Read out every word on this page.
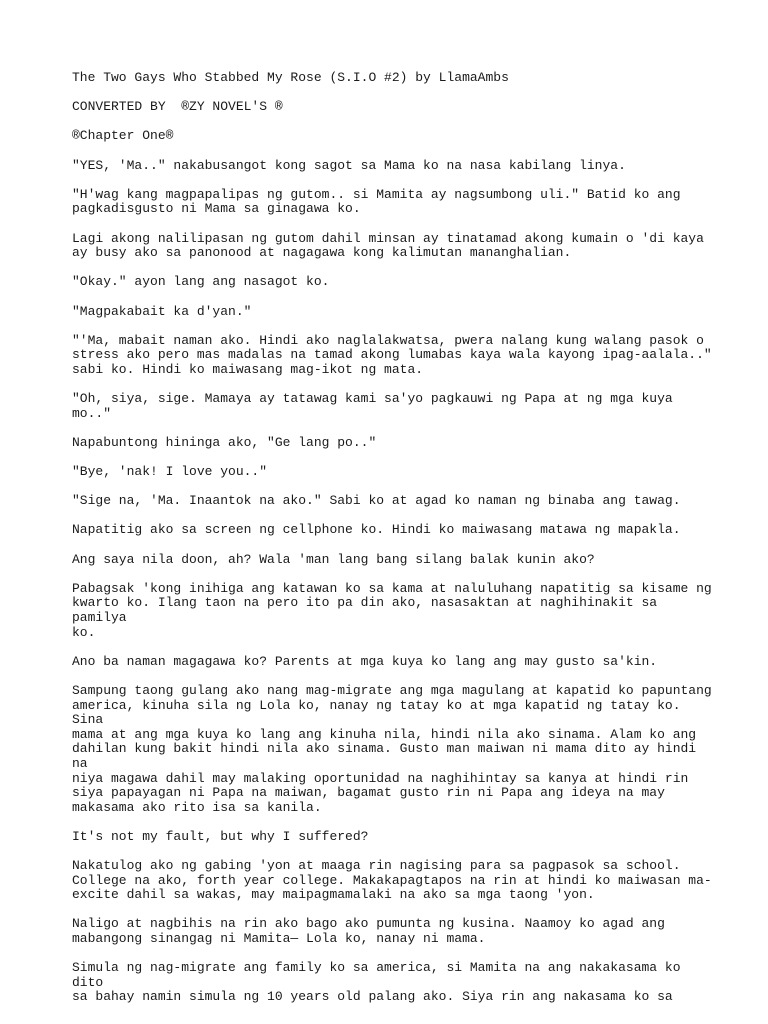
The Two Gays Who Stabbed My Rose (S.I.O #2) by LlamaAmbs
CONVERTED BY  ®ZY NOVEL'S ®
®Chapter One®
"YES, 'Ma.." nakabusangot kong sagot sa Mama ko na nasa kabilang linya.
"H'wag kang magpapalipas ng gutom.. si Mamita ay nagsumbong uli." Batid ko ang
pagkadisgusto ni Mama sa ginagawa ko.
Lagi akong nalilipasan ng gutom dahil minsan ay tinatamad akong kumain o 'di kaya
ay busy ako sa panonood at nagagawa kong kalimutan mananghalian.
"Okay." ayon lang ang nasagot ko.
"Magpakabait ka d'yan."
"'Ma, mabait naman ako. Hindi ako naglalakwatsa, pwera nalang kung walang pasok o
stress ako pero mas madalas na tamad akong lumabas kaya wala kayong ipag-aalala.."
sabi ko. Hindi ko maiwasang mag-ikot ng mata.
"Oh, siya, sige. Mamaya ay tatawag kami sa'yo pagkauwi ng Papa at ng mga kuya mo.."
Napabuntong hininga ako, "Ge lang po.."
"Bye, 'nak! I love you.."
"Sige na, 'Ma. Inaantok na ako." Sabi ko at agad ko naman ng binaba ang tawag.
Napatitig ako sa screen ng cellphone ko. Hindi ko maiwasang matawa ng mapakla.
Ang saya nila doon, ah? Wala 'man lang bang silang balak kunin ako?
Pabagsak 'kong inihiga ang katawan ko sa kama at naluluhang napatitig sa kisame ng
kwarto ko. Ilang taon na pero ito pa din ako, nasasaktan at naghihinakit sa pamilya
ko.
Ano ba naman magagawa ko? Parents at mga kuya ko lang ang may gusto sa'kin.
Sampung taong gulang ako nang mag-migrate ang mga magulang at kapatid ko papuntang
america, kinuha sila ng Lola ko, nanay ng tatay ko at mga kapatid ng tatay ko. Sina
mama at ang mga kuya ko lang ang kinuha nila, hindi nila ako sinama. Alam ko ang
dahilan kung bakit hindi nila ako sinama. Gusto man maiwan ni mama dito ay hindi na
niya magawa dahil may malaking oportunidad na naghihintay sa kanya at hindi rin
siya papayagan ni Papa na maiwan, bagamat gusto rin ni Papa ang ideya na may
makasama ako rito isa sa kanila.
It's not my fault, but why I suffered?
Nakatulog ako ng gabing 'yon at maaga rin nagising para sa pagpasok sa school.
College na ako, forth year college. Makakapagtapos na rin at hindi ko maiwasan ma-
excite dahil sa wakas, may maipagmamalaki na ako sa mga taong 'yon.
Naligo at nagbihis na rin ako bago ako pumunta ng kusina. Naamoy ko agad ang
mabangong sinangag ni Mamita— Lola ko, nanay ni mama.
Simula ng nag-migrate ang family ko sa america, si Mamita na ang nakakasama ko dito
sa bahay namin simula ng 10 years old palang ako. Siya rin ang nakasama ko sa
